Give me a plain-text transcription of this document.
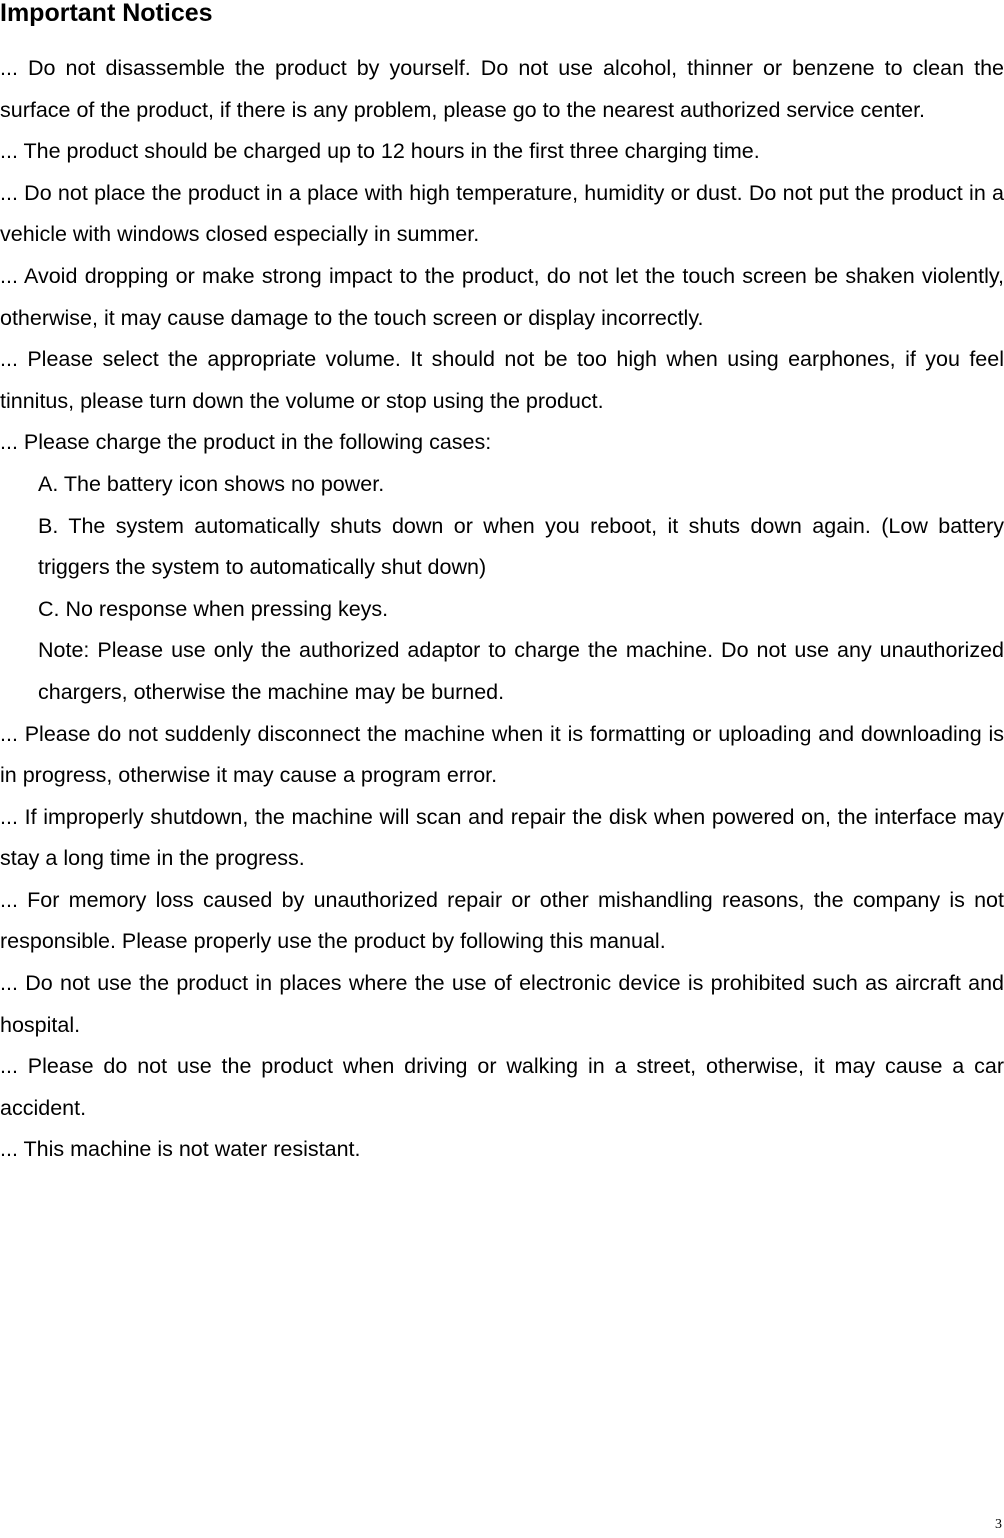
Important Notices

... Do not disassemble the product by yourself. Do not use alcohol, thinner or benzene to clean the surface of the product, if there is any problem, please go to the nearest authorized service center.

... The product should be charged up to 12 hours in the first three charging time.

... Do not place the product in a place with high temperature, humidity or dust. Do not put the product in a vehicle with windows closed especially in summer.

... Avoid dropping or make strong impact to the product, do not let the touch screen be shaken violently, otherwise, it may cause damage to the touch screen or display incorrectly.

... Please select the appropriate volume. It should not be too high when using earphones, if you feel tinnitus, please turn down the volume or stop using the product.

... Please charge the product in the following cases:

A. The battery icon shows no power.

B. The system automatically shuts down or when you reboot, it shuts down again. (Low battery triggers the system to automatically shut down)

C. No response when pressing keys.

Note: Please use only the authorized adaptor to charge the machine. Do not use any unauthorized chargers, otherwise the machine may be burned.

... Please do not suddenly disconnect the machine when it is formatting or uploading and downloading is in progress, otherwise it may cause a program error.

... If improperly shutdown, the machine will scan and repair the disk when powered on, the interface may stay a long time in the progress.

... For memory loss caused by unauthorized repair or other mishandling reasons, the company is not responsible. Please properly use the product by following this manual.

... Do not use the product in places where the use of electronic device is prohibited such as aircraft and hospital.

... Please do not use the product when driving or walking in a street, otherwise, it may cause a car accident.

... This machine is not water resistant.

3
